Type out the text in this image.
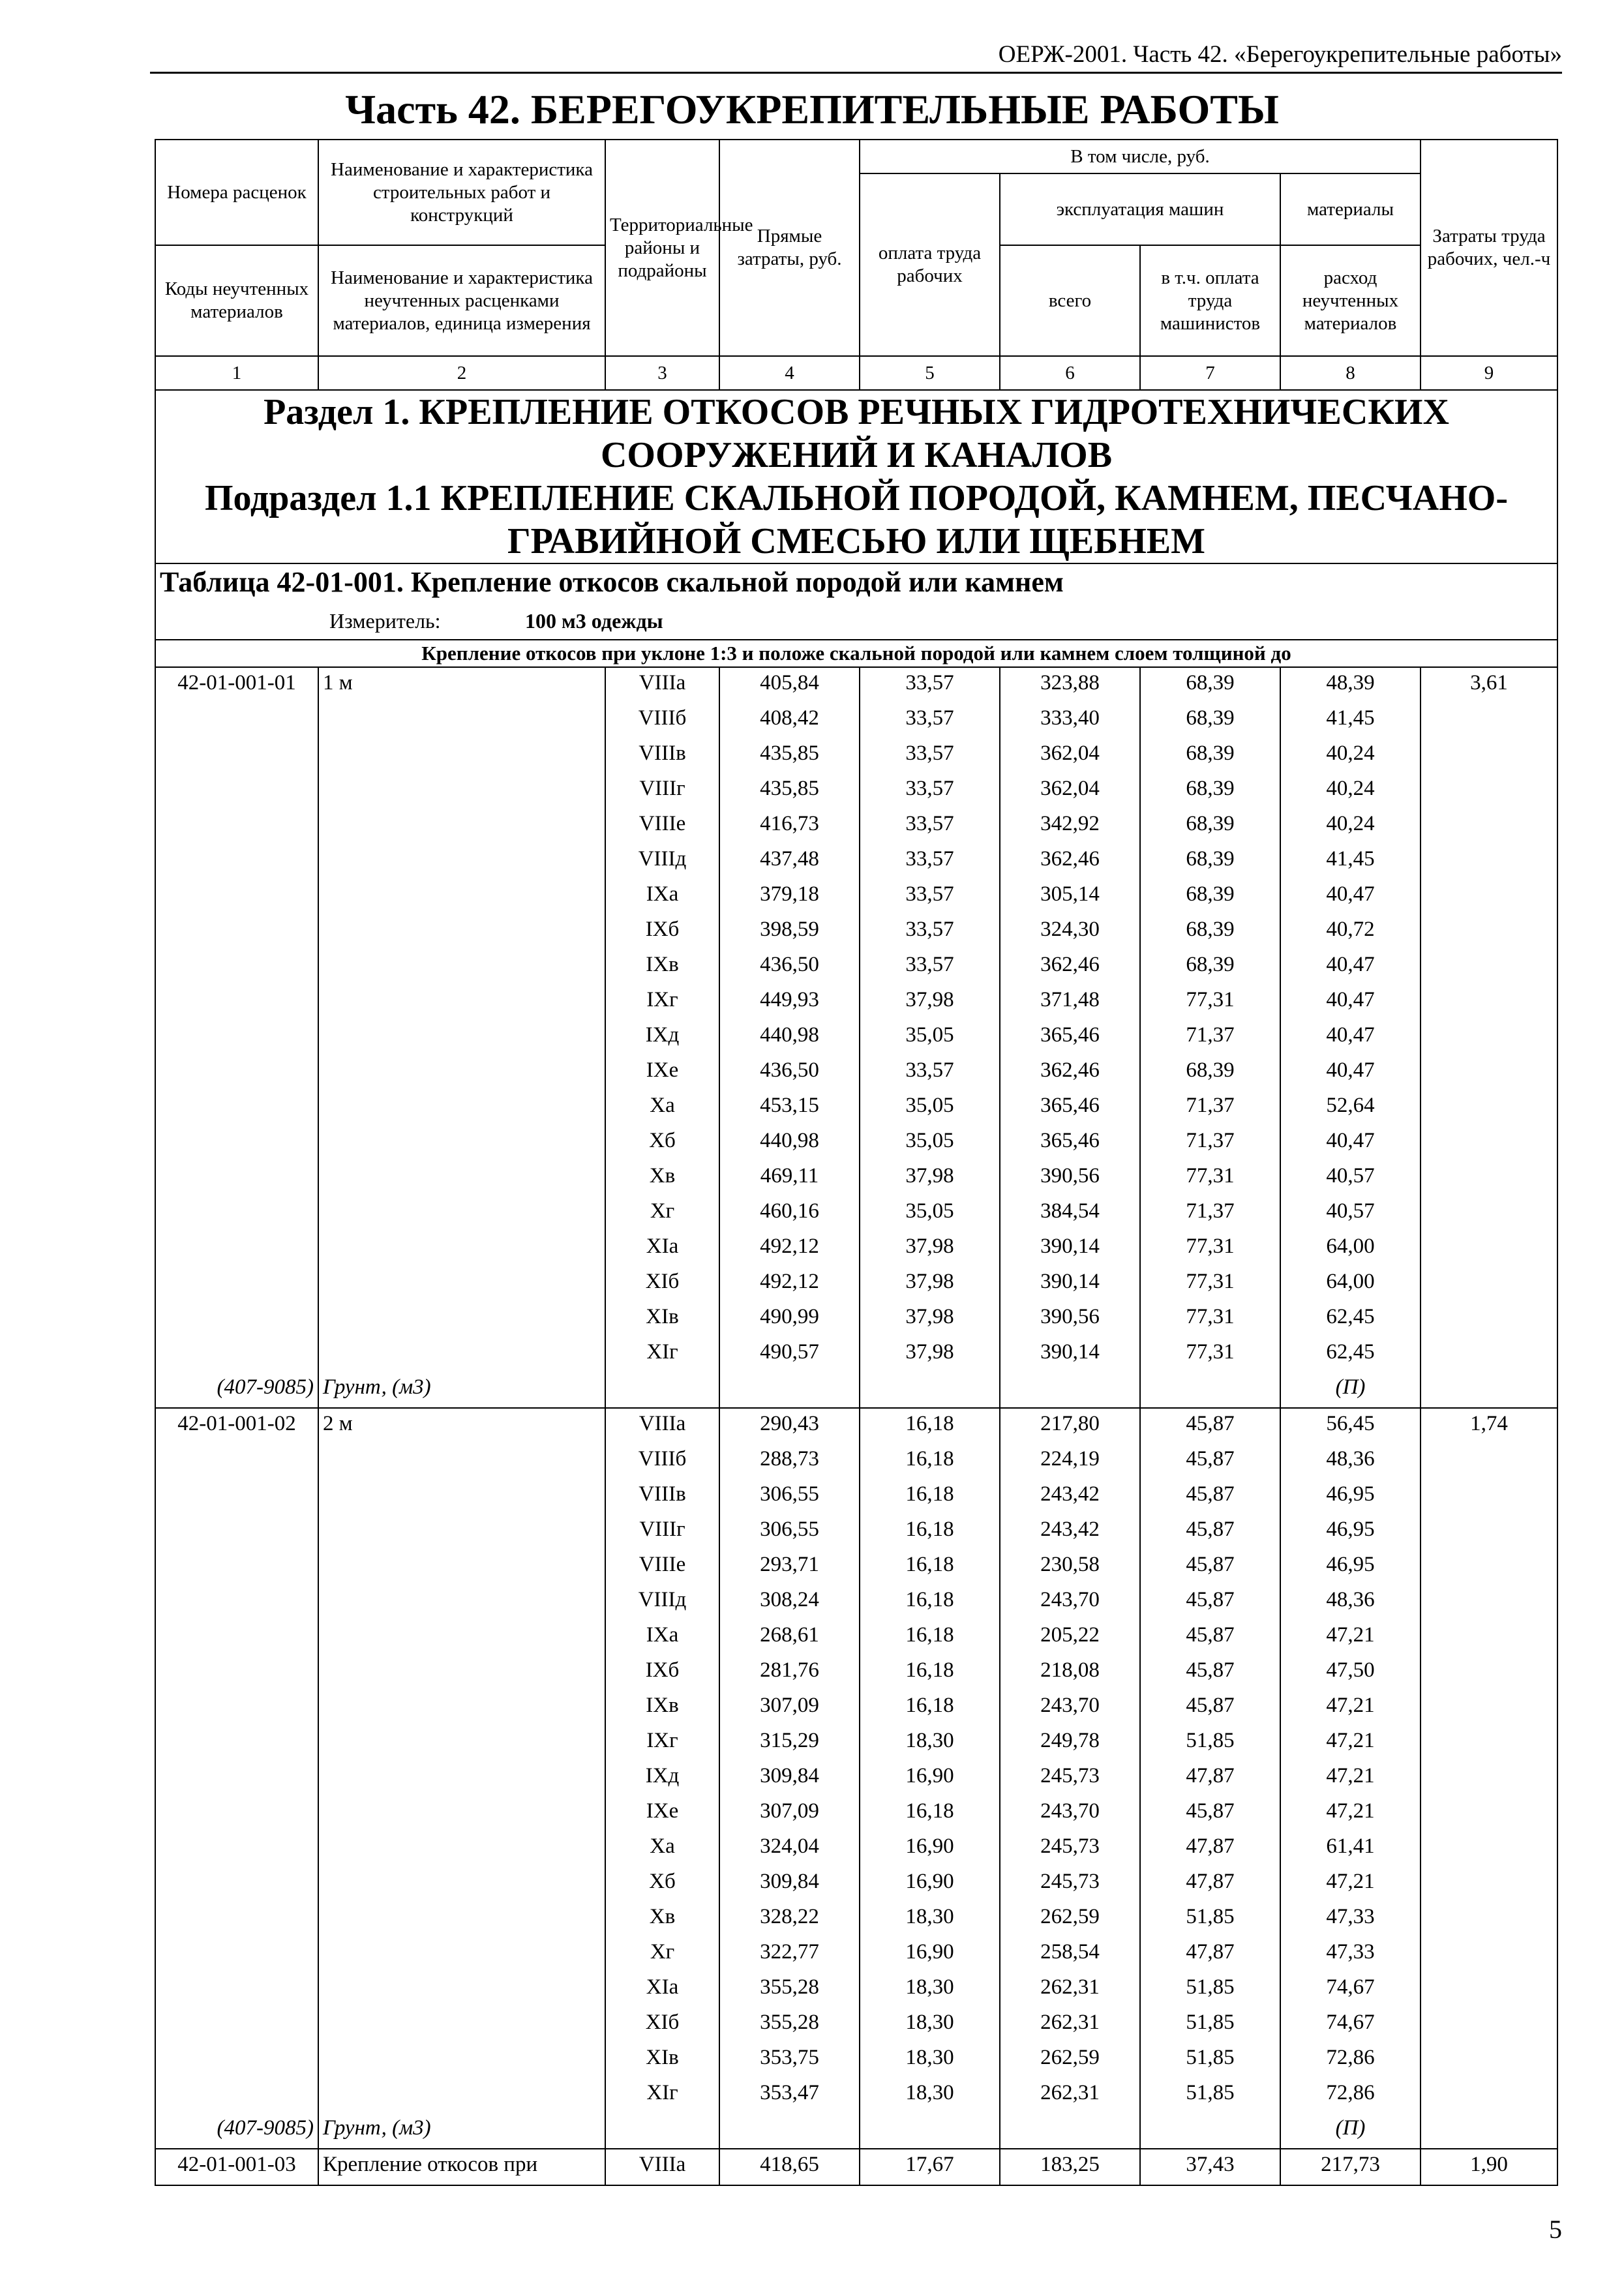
ОЕРЖ-2001. Часть 42. «Берегоукрепительные работы»
Часть 42. БЕРЕГОУКРЕПИТЕЛЬНЫЕ РАБОТЫ
Номера расценок	Наименование и характеристика строительных работ и конструкций	Территориальные районы и подрайоны	Прямые затраты, руб.	В том числе, руб.				Затраты труда рабочих, чел.-ч
				оплата труда рабочих	эксплуатация машин		материалы	
Коды неучтенных материалов	Наименование и характеристика неучтенных расценками материалов, единица измерения				всего	в т.ч. оплата труда машинистов	расход неучтенных материалов	
1	2	3	4	5	6	7	8	9

Раздел 1. КРЕПЛЕНИЕ ОТКОСОВ РЕЧНЫХ ГИДРОТЕХНИЧЕСКИХ СООРУЖЕНИЙ И КАНАЛОВ
Подраздел 1.1 КРЕПЛЕНИЕ СКАЛЬНОЙ ПОРОДОЙ, КАМНЕМ, ПЕСЧАНО-ГРАВИЙНОЙ СМЕСЬЮ ИЛИ ЩЕБНЕМ								

Таблица 42-01-001. Крепление откосов скальной породой или камнем
Измеритель: 100 м3 одежды								

Крепление откосов при уклоне 1:3 и положе скальной породой или камнем слоем толщиной до								
42-01-001-01	1 м	VIIIа	405,84	33,57	323,88	68,39	48,39	3,61
		VIIIб	408,42	33,57	333,40	68,39	41,45	
		VIIIв	435,85	33,57	362,04	68,39	40,24	
		VIIIг	435,85	33,57	362,04	68,39	40,24	
		VIIIе	416,73	33,57	342,92	68,39	40,24	
		VIIIд	437,48	33,57	362,46	68,39	41,45	
		IXа	379,18	33,57	305,14	68,39	40,47	
		IXб	398,59	33,57	324,30	68,39	40,72	
		IXв	436,50	33,57	362,46	68,39	40,47	
		IXг	449,93	37,98	371,48	77,31	40,47	
		IXд	440,98	35,05	365,46	71,37	40,47	
		IXе	436,50	33,57	362,46	68,39	40,47	
		Xа	453,15	35,05	365,46	71,37	52,64	
		Xб	440,98	35,05	365,46	71,37	40,47	
		Xв	469,11	37,98	390,56	77,31	40,57	
		Xг	460,16	35,05	384,54	71,37	40,57	
		XIа	492,12	37,98	390,14	77,31	64,00	
		XIб	492,12	37,98	390,14	77,31	64,00	
		XIв	490,99	37,98	390,56	77,31	62,45	
		XIг	490,57	37,98	390,14	77,31	62,45	
(407-9085)	Грунт, (м3)						(П)	
42-01-001-02	2 м	VIIIа	290,43	16,18	217,80	45,87	56,45	1,74
		VIIIб	288,73	16,18	224,19	45,87	48,36	
		VIIIв	306,55	16,18	243,42	45,87	46,95	
		VIIIг	306,55	16,18	243,42	45,87	46,95	
		VIIIе	293,71	16,18	230,58	45,87	46,95	
		VIIIд	308,24	16,18	243,70	45,87	48,36	
		IXа	268,61	16,18	205,22	45,87	47,21	
		IXб	281,76	16,18	218,08	45,87	47,50	
		IXв	307,09	16,18	243,70	45,87	47,21	
		IXг	315,29	18,30	249,78	51,85	47,21	
		IXд	309,84	16,90	245,73	47,87	47,21	
		IXе	307,09	16,18	243,70	45,87	47,21	
		Xа	324,04	16,90	245,73	47,87	61,41	
		Xб	309,84	16,90	245,73	47,87	47,21	
		Xв	328,22	18,30	262,59	51,85	47,33	
		Xг	322,77	16,90	258,54	47,87	47,33	
		XIа	355,28	18,30	262,31	51,85	74,67	
		XIб	355,28	18,30	262,31	51,85	74,67	
		XIв	353,75	18,30	262,59	51,85	72,86	
		XIг	353,47	18,30	262,31	51,85	72,86	
(407-9085)	Грунт, (м3)						(П)	
42-01-001-03	Крепление откосов при	VIIIа	418,65	17,67	183,25	37,43	217,73	1,90
5
